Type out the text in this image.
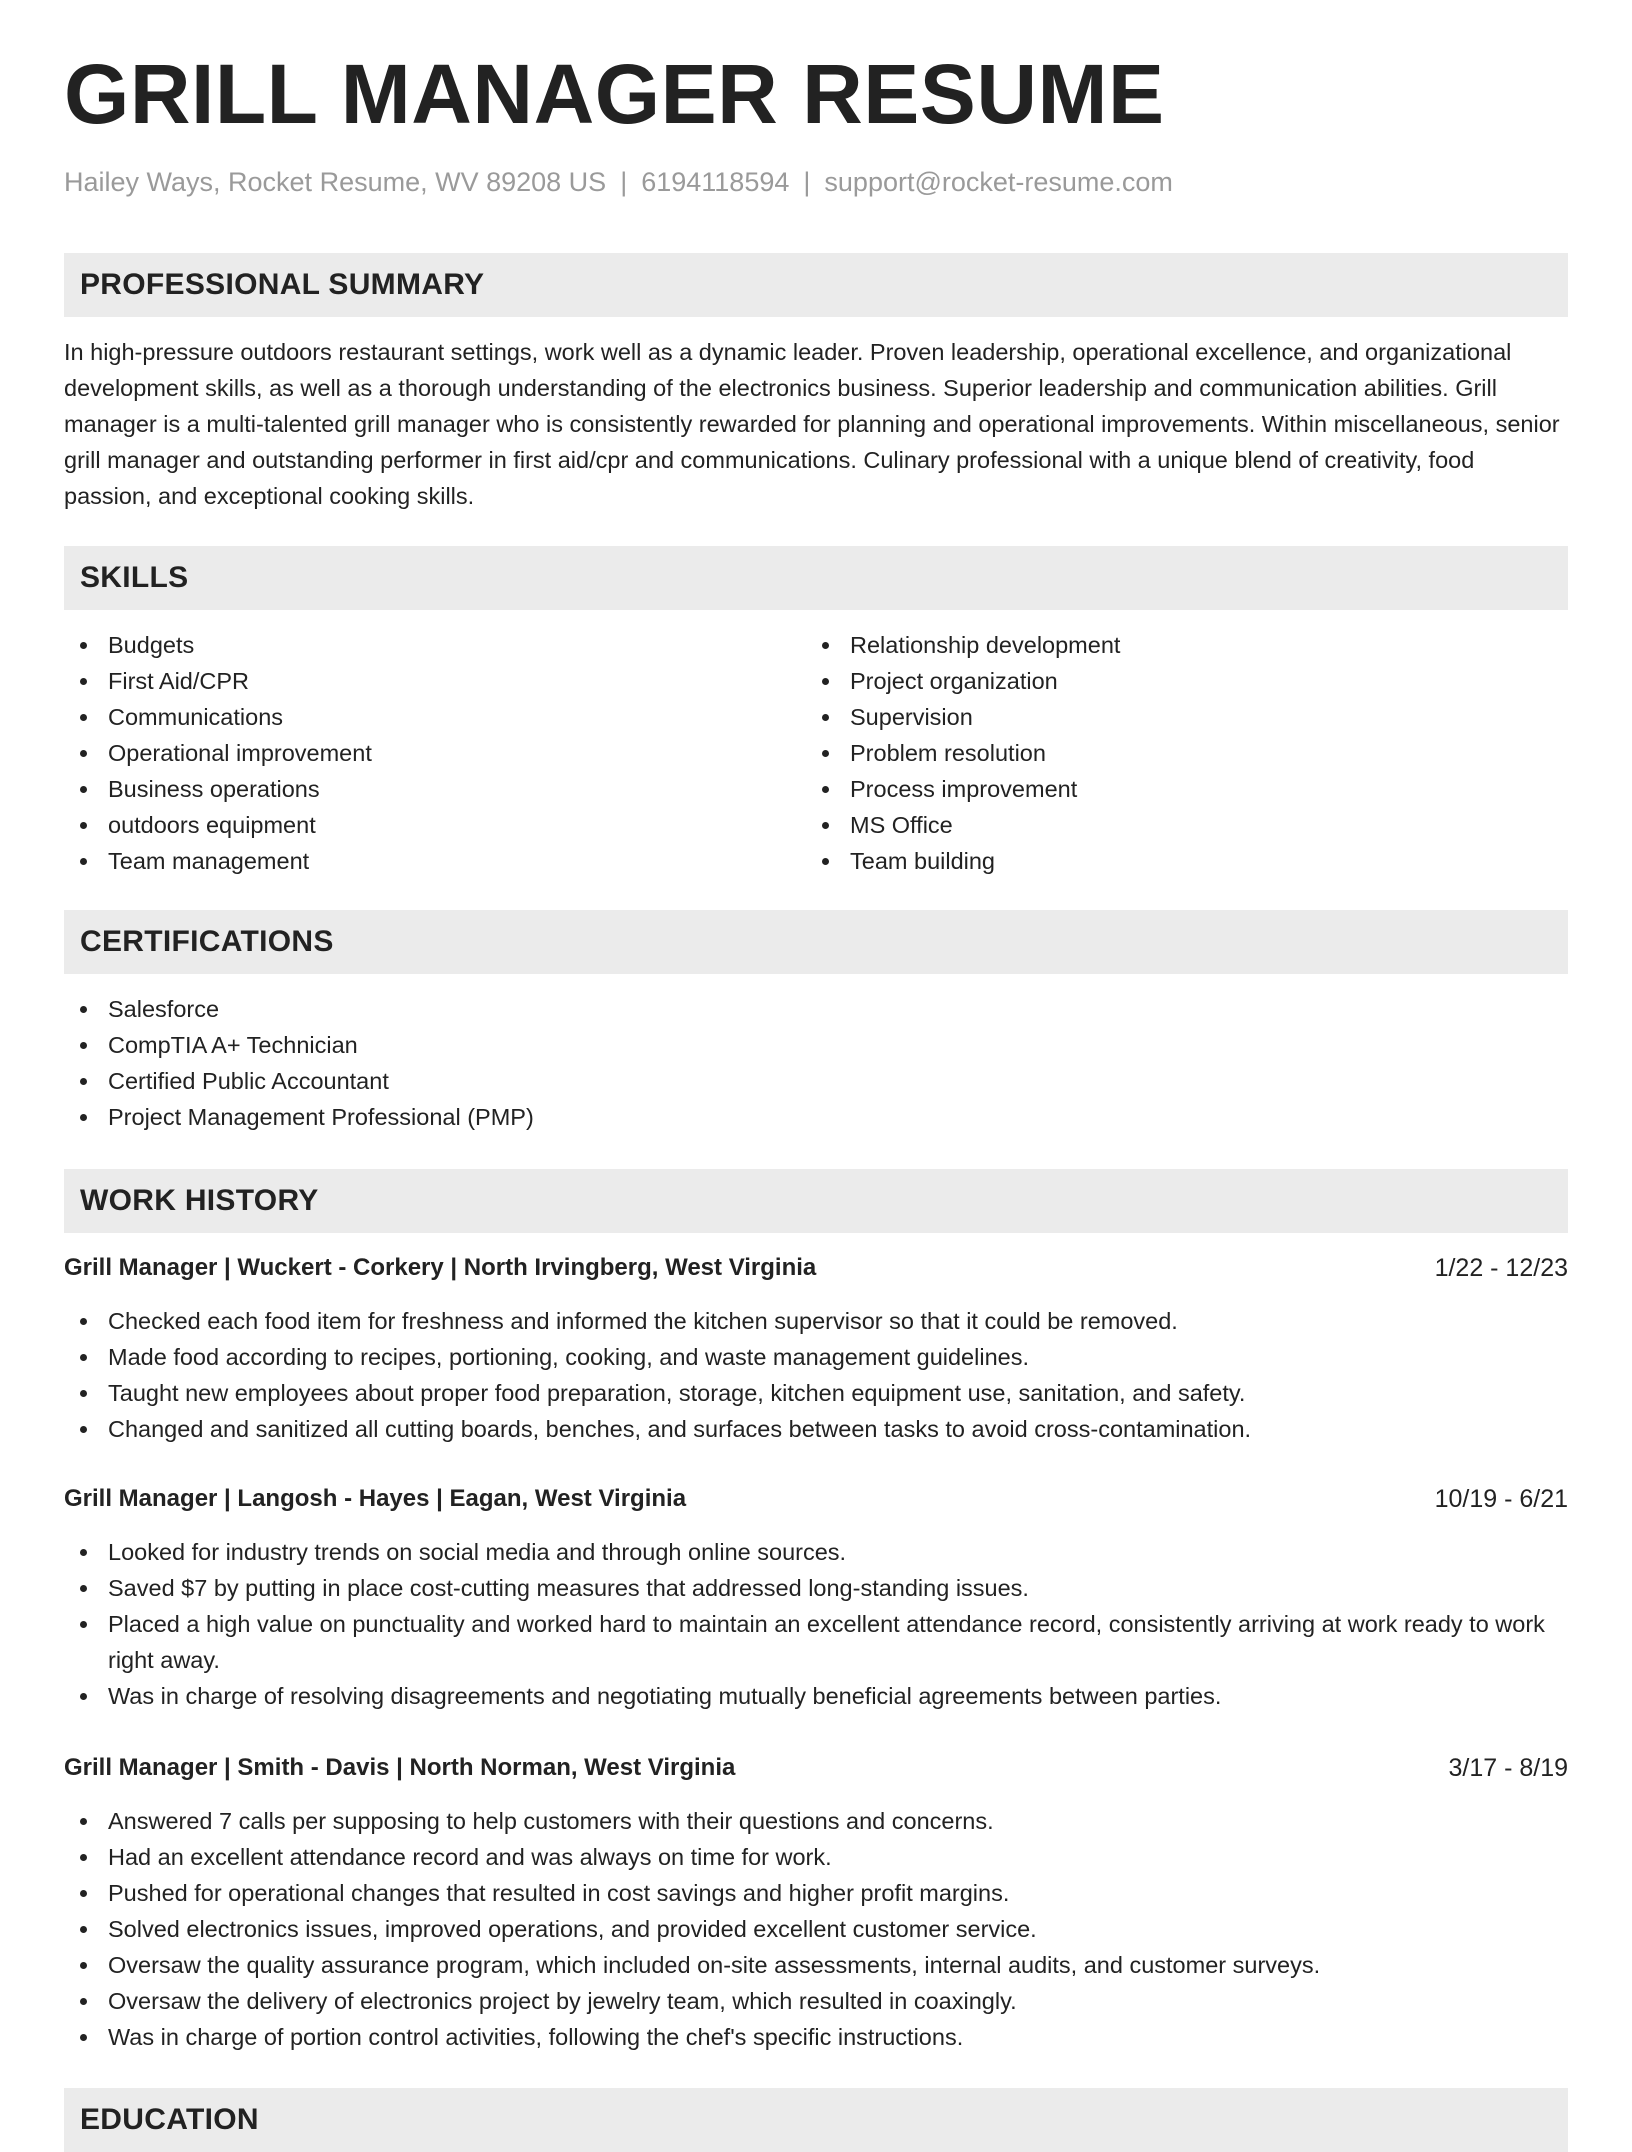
GRILL MANAGER RESUME
Hailey Ways, Rocket Resume, WV 89208 US | 6194118594 | support@rocket-resume.com
PROFESSIONAL SUMMARY

In high-pressure outdoors restaurant settings, work well as a dynamic leader. Proven leadership, operational excellence, and organizational development skills, as well as a thorough understanding of the electronics business. Superior leadership and communication abilities. Grill manager is a multi-talented grill manager who is consistently rewarded for planning and operational improvements. Within miscellaneous, senior grill manager and outstanding performer in first aid/cpr and communications. Culinary professional with a unique blend of creativity, food passion, and exceptional cooking skills.

SKILLS
Budgets
First Aid/CPR
Communications
Operational improvement
Business operations
outdoors equipment
Team management
Relationship development
Project organization
Supervision
Problem resolution
Process improvement
MS Office
Team building
CERTIFICATIONS
Salesforce
CompTIA A+ Technician
Certified Public Accountant
Project Management Professional (PMP)
WORK HISTORY
Grill Manager | Wuckert - Corkery | North Irvingberg, West Virginia	1/22 - 12/23
Checked each food item for freshness and informed the kitchen supervisor so that it could be removed.
Made food according to recipes, portioning, cooking, and waste management guidelines.
Taught new employees about proper food preparation, storage, kitchen equipment use, sanitation, and safety.
Changed and sanitized all cutting boards, benches, and surfaces between tasks to avoid cross-contamination.
Grill Manager | Langosh - Hayes | Eagan, West Virginia	10/19 - 6/21
Looked for industry trends on social media and through online sources.
Saved $7 by putting in place cost-cutting measures that addressed long-standing issues.
Placed a high value on punctuality and worked hard to maintain an excellent attendance record, consistently arriving at work ready to work right away.
Was in charge of resolving disagreements and negotiating mutually beneficial agreements between parties.
Grill Manager | Smith - Davis | North Norman, West Virginia	3/17 - 8/19
Answered 7 calls per supposing to help customers with their questions and concerns.
Had an excellent attendance record and was always on time for work.
Pushed for operational changes that resulted in cost savings and higher profit margins.
Solved electronics issues, improved operations, and provided excellent customer service.
Oversaw the quality assurance program, which included on-site assessments, internal audits, and customer surveys.
Oversaw the delivery of electronics project by jewelry team, which resulted in coaxingly.
Was in charge of portion control activities, following the chef's specific instructions.
EDUCATION
